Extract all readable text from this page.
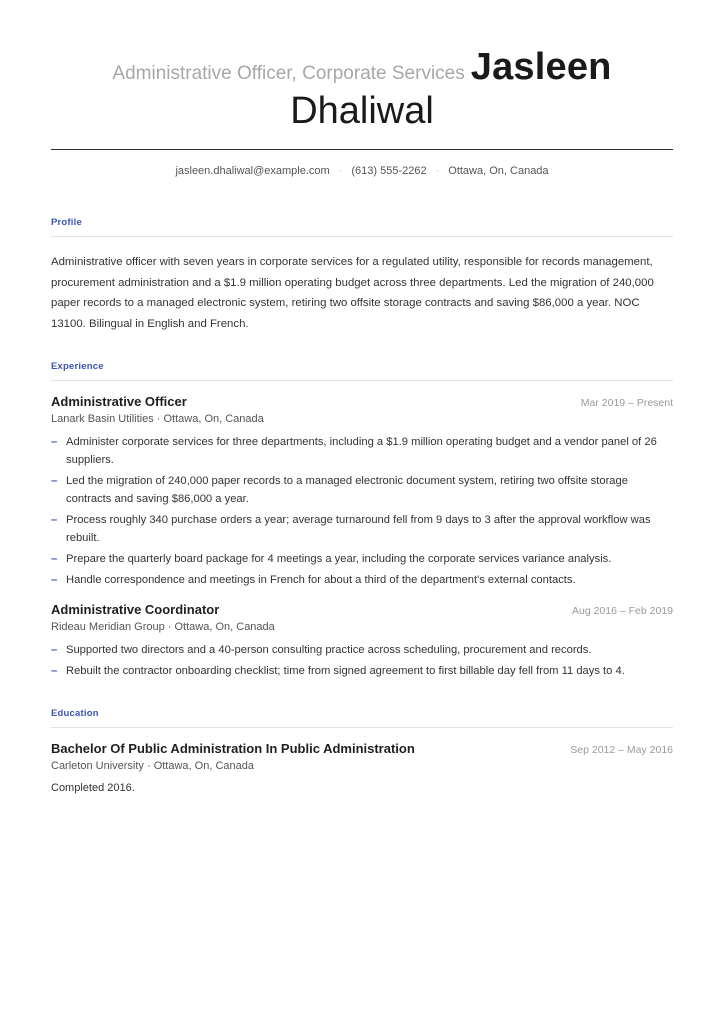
Administrative Officer, Corporate Services Jasleen
Dhaliwal
jasleen.dhaliwal@example.com · (613) 555-2262 · Ottawa, On, Canada
Profile
Administrative officer with seven years in corporate services for a regulated utility, responsible for records management, procurement administration and a $1.9 million operating budget across three departments. Led the migration of 240,000 paper records to a managed electronic system, retiring two offsite storage contracts and saving $86,000 a year. NOC 13100. Bilingual in English and French.
Experience
Administrative Officer	Mar 2019 – Present
Lanark Basin Utilities · Ottawa, On, Canada
– Administer corporate services for three departments, including a $1.9 million operating budget and a vendor panel of 26 suppliers.
– Led the migration of 240,000 paper records to a managed electronic document system, retiring two offsite storage contracts and saving $86,000 a year.
– Process roughly 340 purchase orders a year; average turnaround fell from 9 days to 3 after the approval workflow was rebuilt.
– Prepare the quarterly board package for 4 meetings a year, including the corporate services variance analysis.
– Handle correspondence and meetings in French for about a third of the department's external contacts.
Administrative Coordinator	Aug 2016 – Feb 2019
Rideau Meridian Group · Ottawa, On, Canada
– Supported two directors and a 40-person consulting practice across scheduling, procurement and records.
– Rebuilt the contractor onboarding checklist; time from signed agreement to first billable day fell from 11 days to 4.
Education
Bachelor Of Public Administration In Public Administration	Sep 2012 – May 2016
Carleton University · Ottawa, On, Canada
Completed 2016.
